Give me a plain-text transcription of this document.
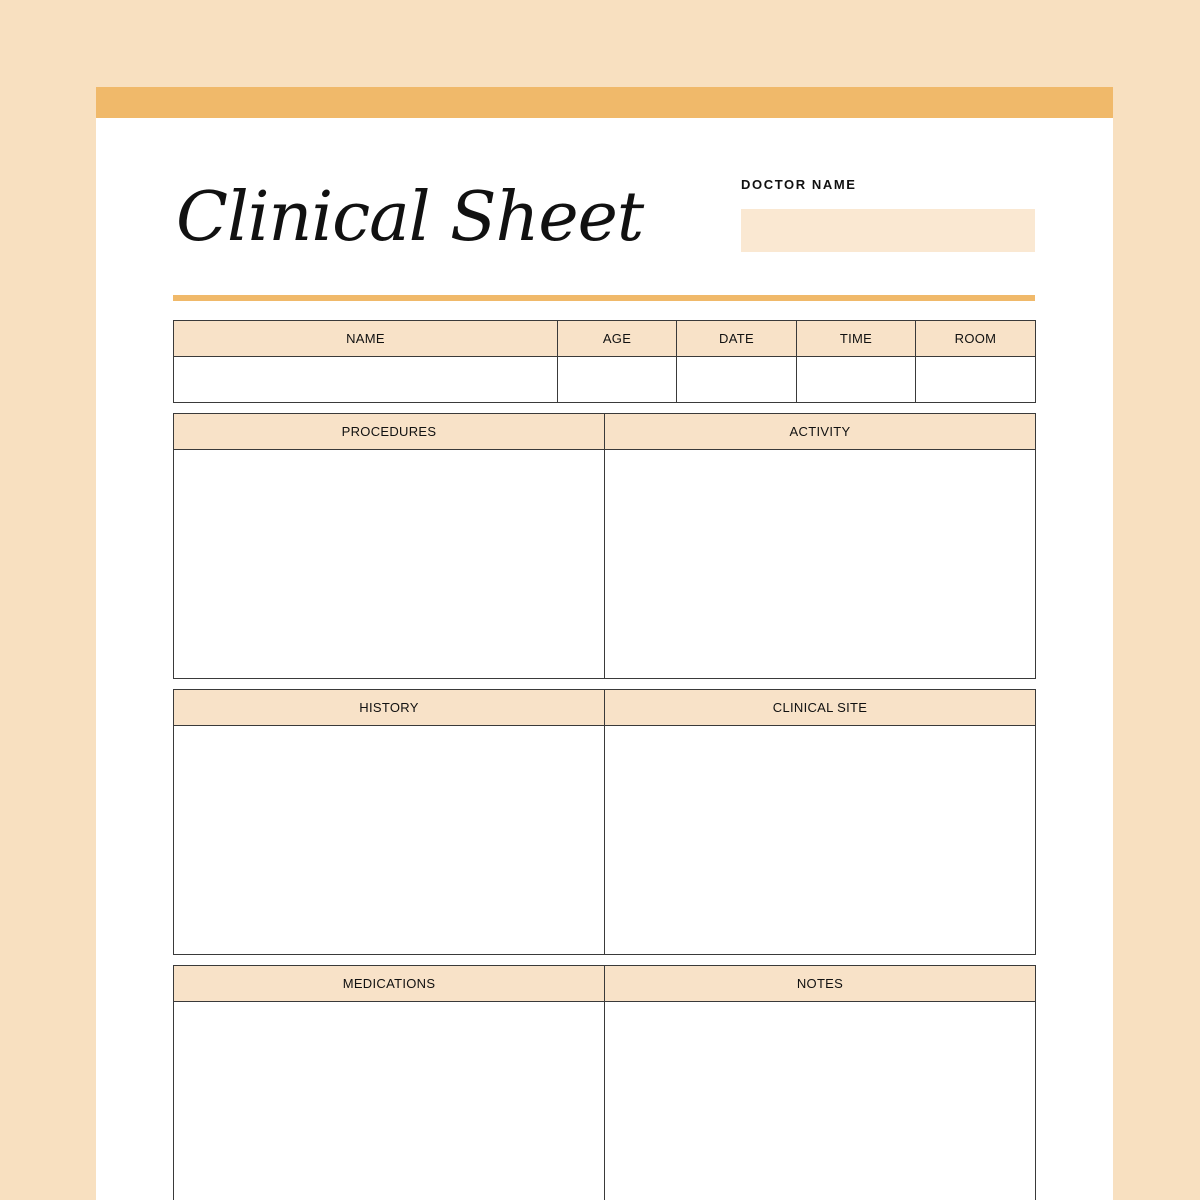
Clinical Sheet	DOCTOR NAME
NAME	AGE	DATE	TIME	ROOM

PROCEDURES	ACTIVITY

HISTORY	CLINICAL SITE

MEDICATIONS	NOTES
